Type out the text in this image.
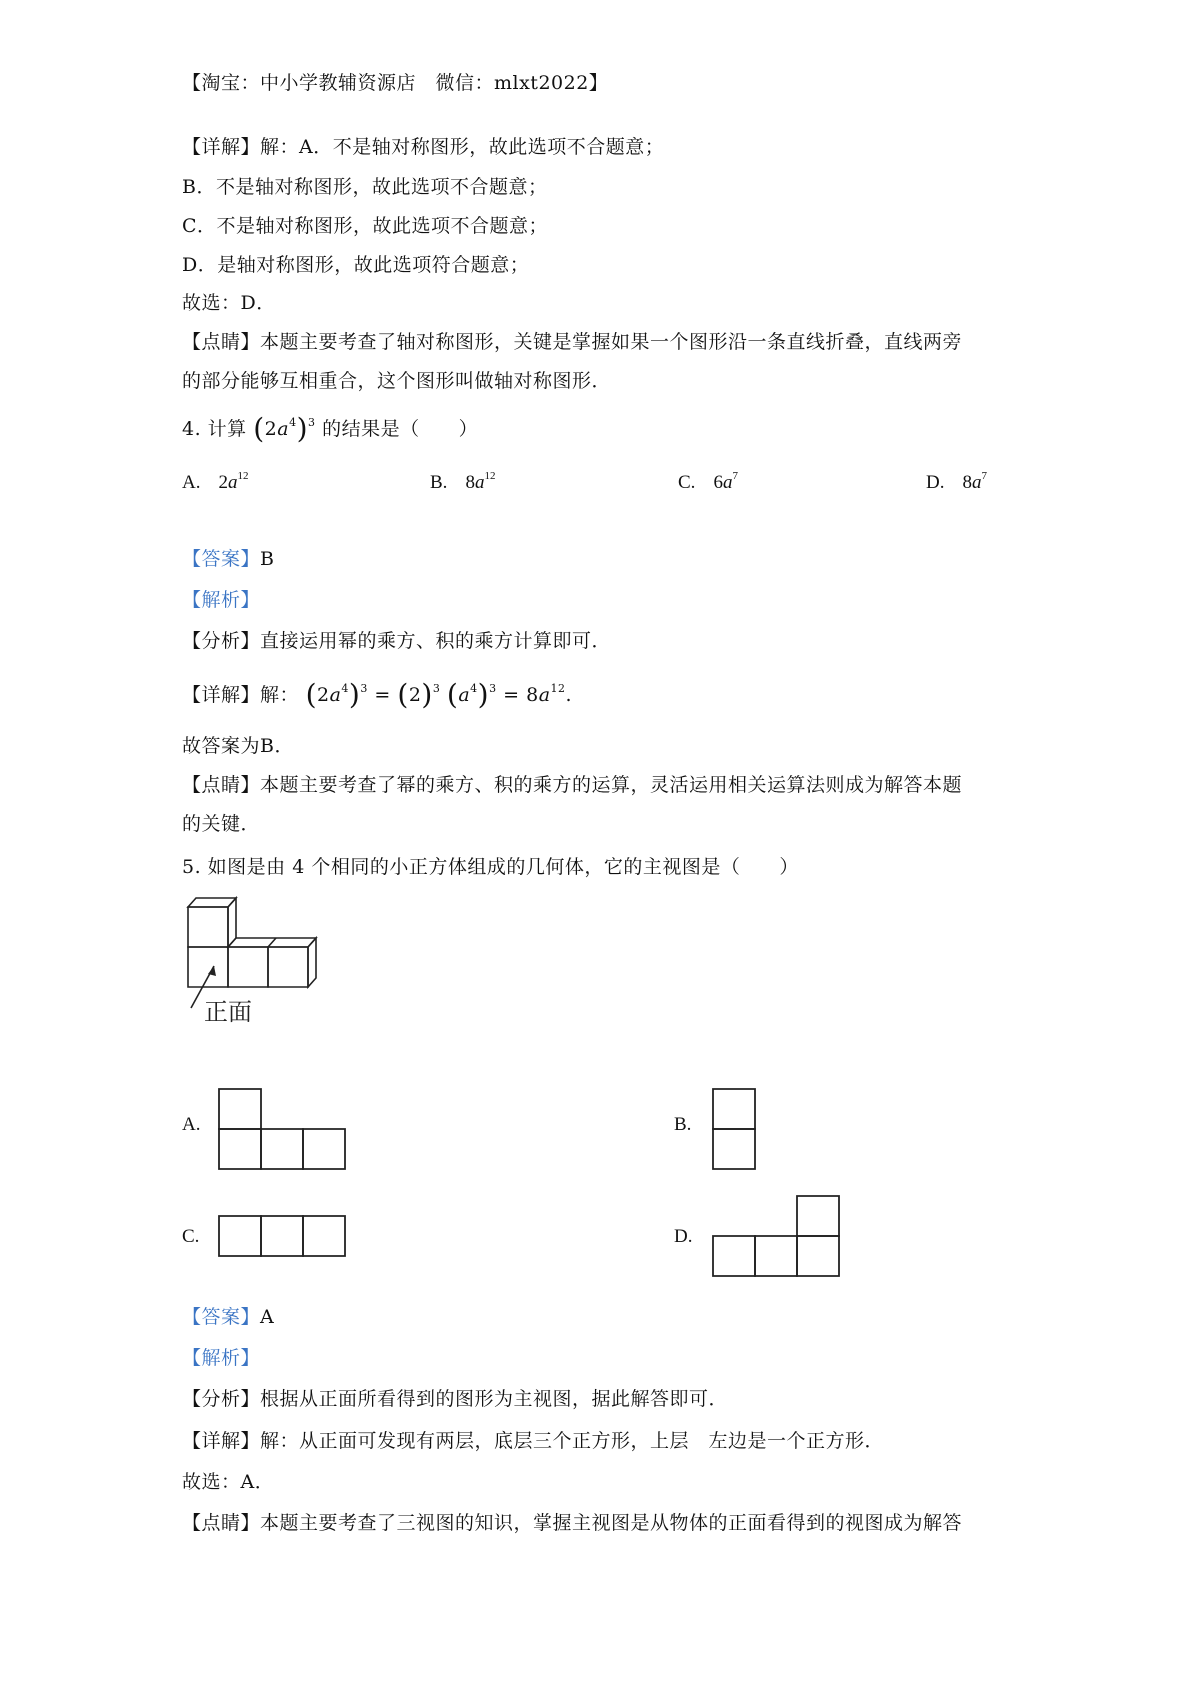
【淘宝：中小学教辅资源店　微信：mlxt2022】
【详解】解：A．不是轴对称图形，故此选项不合题意；
B．不是轴对称图形，故此选项不合题意；
C．不是轴对称图形，故此选项不合题意；
D．是轴对称图形，故此选项符合题意；
故选：D．
【点睛】本题主要考查了轴对称图形，关键是掌握如果一个图形沿一条直线折叠，直线两旁
的部分能够互相重合，这个图形叫做轴对称图形．
4. 计算 $(2a^4)^3$ 的结果是（　　）
A. $2a^{12}$	B. $8a^{12}$	C. $6a^7$	D. $8a^7$
【答案】B
【解析】
【分析】直接运用幂的乘方、积的乘方计算即可．
【详解】解： $(2a^4)^3 = (2)^3$ $(a^4)^3 = 8a^{12}$.
故答案为B．
【点睛】本题主要考查了幂的乘方、积的乘方的运算，灵活运用相关运算法则成为解答本题
的关键．
5. 如图是由 4 个相同的小正方体组成的几何体，它的主视图是（　　）
正面
A.	B.
C.	D.
【答案】A
【解析】
【分析】根据从正面所看得到的图形为主视图，据此解答即可．
【详解】解：从正面可发现有两层，底层三个正方形，上层　左边是一个正方形．
故选：A．
【点睛】本题主要考查了三视图的知识，掌握主视图是从物体的正面看得到的视图成为解答
